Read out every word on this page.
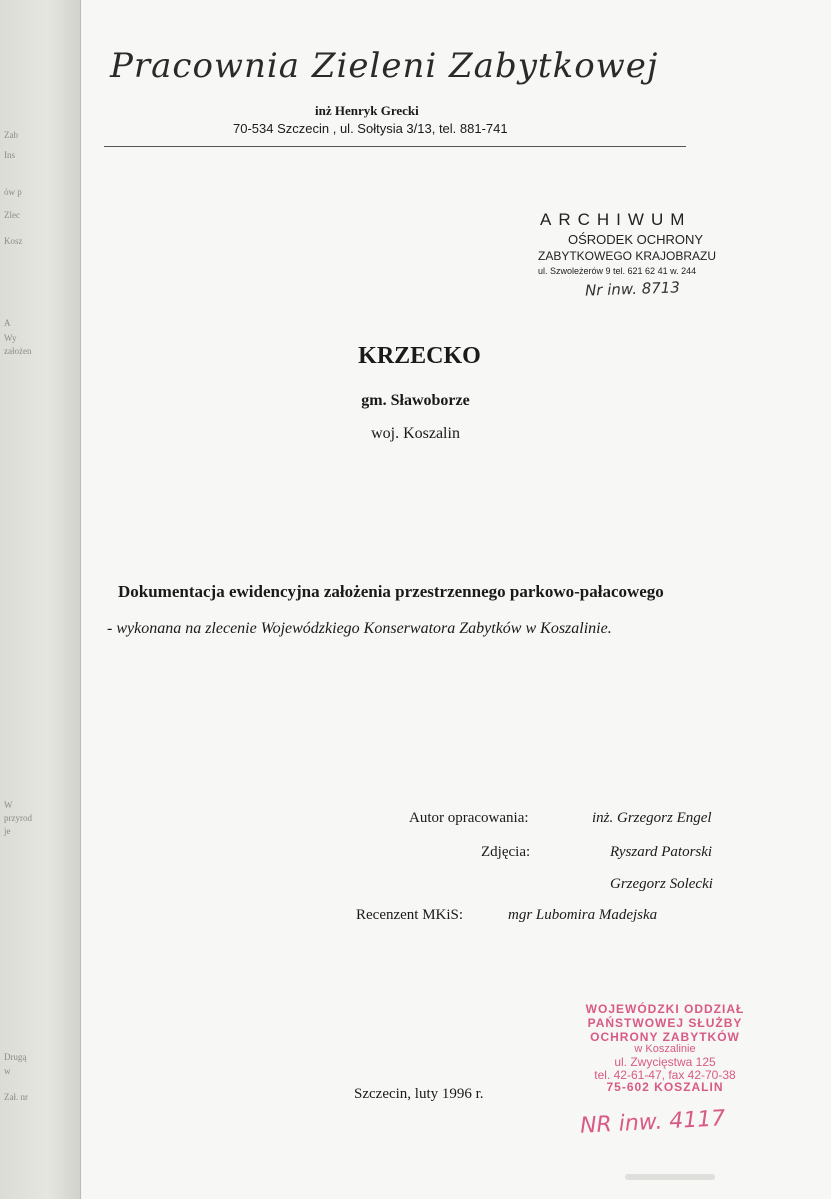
Zab
Ins
ów p
Zlec
Kosz
A
Wy
założen
W
przyrod
je
Drugą
w
Zał. nr
Pracownia Zieleni Zabytkowej
inż Henryk Grecki
70-534 Szczecin , ul. Sołtysia 3/13, tel. 881-741
ARCHIWUM
OŚRODEK OCHRONY
ZABYTKOWEGO KRAJOBRAZU
ul. Szwoleżerów 9 tel. 621 62 41 w. 244
Nr inw. 8713
KRZECKO
gm. Sławoborze
woj. Koszalin
Dokumentacja ewidencyjna założenia przestrzennego parkowo-pałacowego
- wykonana na zlecenie Wojewódzkiego Konserwatora Zabytków w Koszalinie.
Autor opracowania:	inż. Grzegorz Engel
Zdjęcia:	Ryszard Patorski
Grzegorz Solecki
Recenzent MKiS:	mgr Lubomira Madejska
Szczecin, luty 1996 r.
WOJEWÓDZKI ODDZIAŁ
PAŃSTWOWEJ SŁUŻBY
OCHRONY ZABYTKÓW
w Koszalinie
ul. Zwycięstwa 125
tel. 42-61-47, fax 42-70-38
75-602 KOSZALIN
NR inw. 4117
